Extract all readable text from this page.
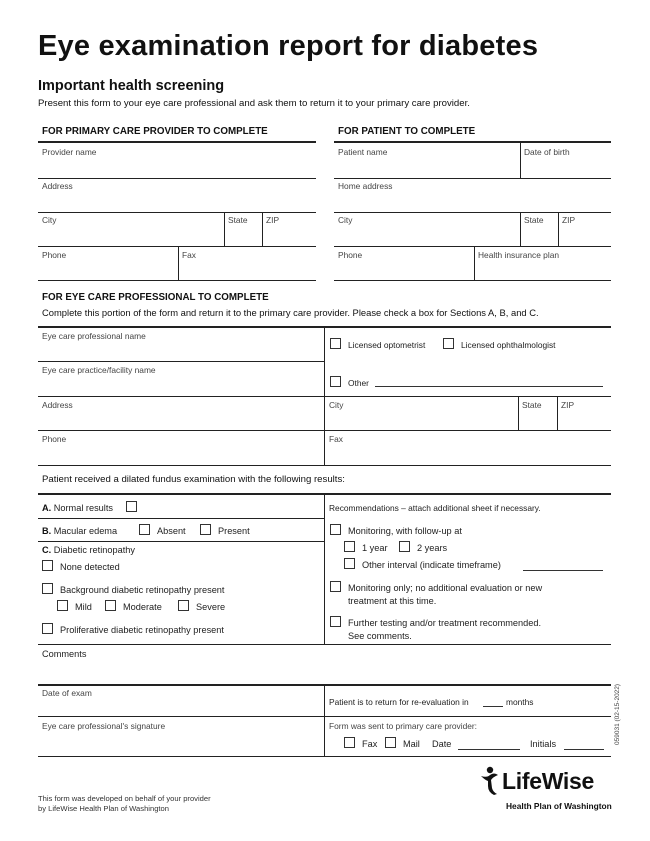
Eye examination report for diabetes
Important health screening
Present this form to your eye care professional and ask them to return it to your primary care provider.
FOR PRIMARY CARE PROVIDER TO COMPLETE	FOR PATIENT TO COMPLETE
Provider name
Address
City	State ZIP
Phone	Fax
Patient name	Date of birth
Home address
City	State ZIP
Phone	Health insurance plan
FOR EYE CARE PROFESSIONAL TO COMPLETE
Complete this portion of the form and return it to the primary care provider. Please check a box for Sections A, B, and C.
Eye care professional name
Licensed optometrist	Licensed ophthalmologist
Eye care practice/facility name
Other
Address	City	State ZIP
Phone	Fax
Patient received a dilated fundus examination with the following results:
A. Normal results
B. Macular edema	Absent	Present
C. Diabetic retinopathy
None detected
Background diabetic retinopathy present
Mild	Moderate	Severe
Proliferative diabetic retinopathy present
Recommendations – attach additional sheet if necessary.
Monitoring, with follow-up at
1 year	2 years
Other interval (indicate timeframe)
Monitoring only; no additional evaluation or new
treatment at this time.
Further testing and/or treatment recommended.
See comments.
Comments
Date of exam
Patient is to return for re-evaluation in	months
Eye care professional's signature	Form was sent to primary care provider:
Fax	Mail Date	Initials	059031 (02-15-2022)
This form was developed on behalf of your provider
by LifeWise Health Plan of Washington
LifeWise
Health Plan of Washington
